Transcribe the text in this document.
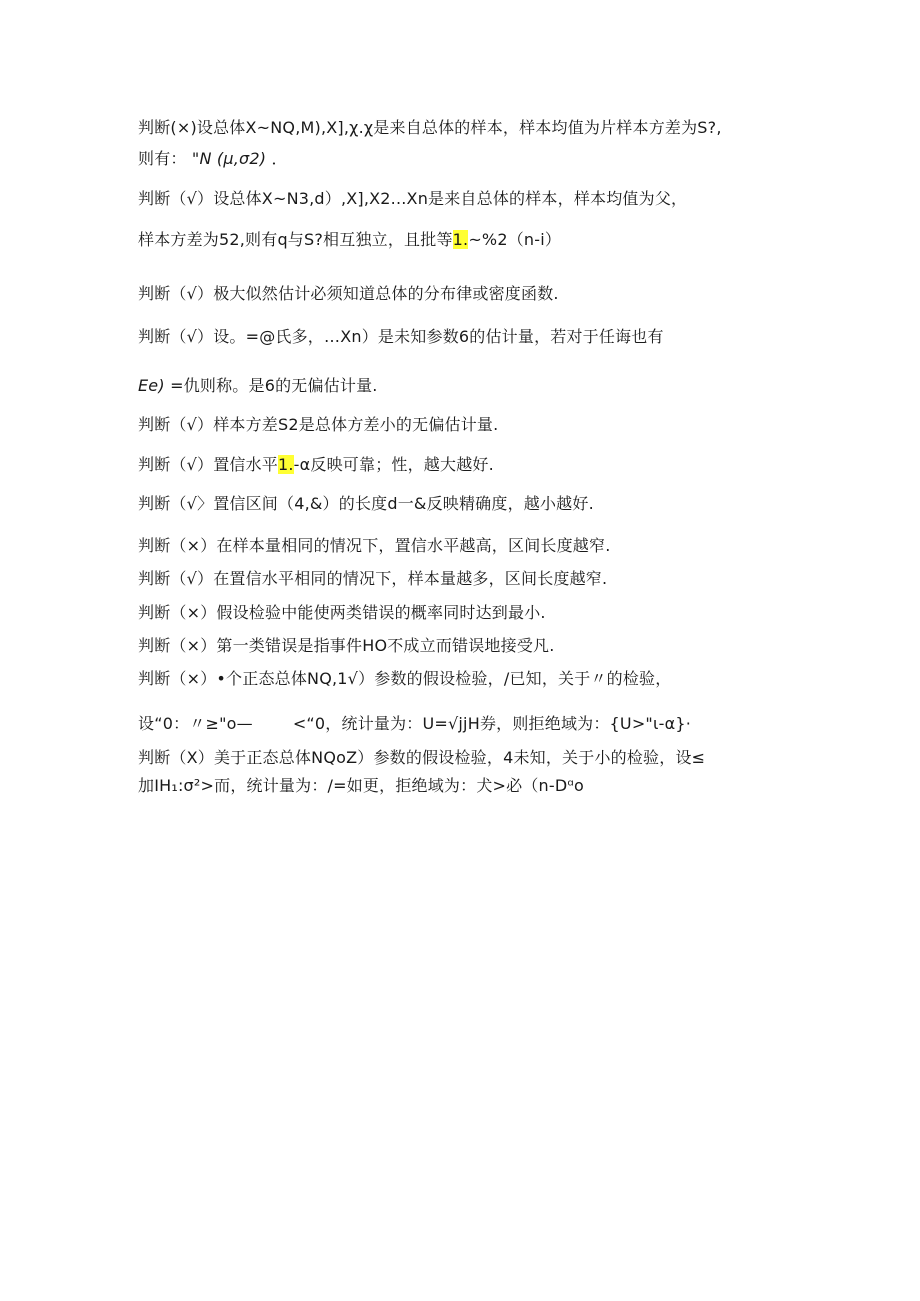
判断(×)设总体X~NQ,M),X],χ.χ是来自总体的样本，样本均值为片样本方差为S?,
则有： "N (μ,σ2) ．
判断（√）设总体X~N3,d）,X],X2...Xn是来自总体的样本，样本均值为父，
样本方差为52,则有q与S?相互独立，且批等1.~%2（n-i）
判断（√）极大似然估计必须知道总体的分布律或密度函数.
判断（√）设。=@氏多，…Xn）是未知参数6的估计量，若对于任诲也有
Ee) =仇则称。是6的无偏估计量.
判断（√）样本方差S2是总体方差小的无偏估计量.
判断（√）置信水平1.-α反映可靠；性，越大越好.
判断（√〉置信区间（4,&）的长度d一&反映精确度，越小越好.
判断（×）在样本量相同的情况下，置信水平越高，区间长度越窄.
判断（√）在置信水平相同的情况下，样本量越多，区间长度越窄.
判断（×）假设检验中能使两类错误的概率同时达到最小.
判断（×）第一类错误是指事件HO不成立而错误地接受凡.
判断（×）•个正态总体NQ,1√）参数的假设检验，/已知，关于〃的检验，
设“0：〃≥"o—	<“0，统计量为：U=√jjH券，则拒绝域为：{U>"ι-α}·
判断（X）美于正态总体NQoZ）参数的假设检验，4未知，关于小的检验，设≤
加IH₁:σ²>而，统计量为：/=如更，拒绝域为：犬>必（n-Dᵅo
